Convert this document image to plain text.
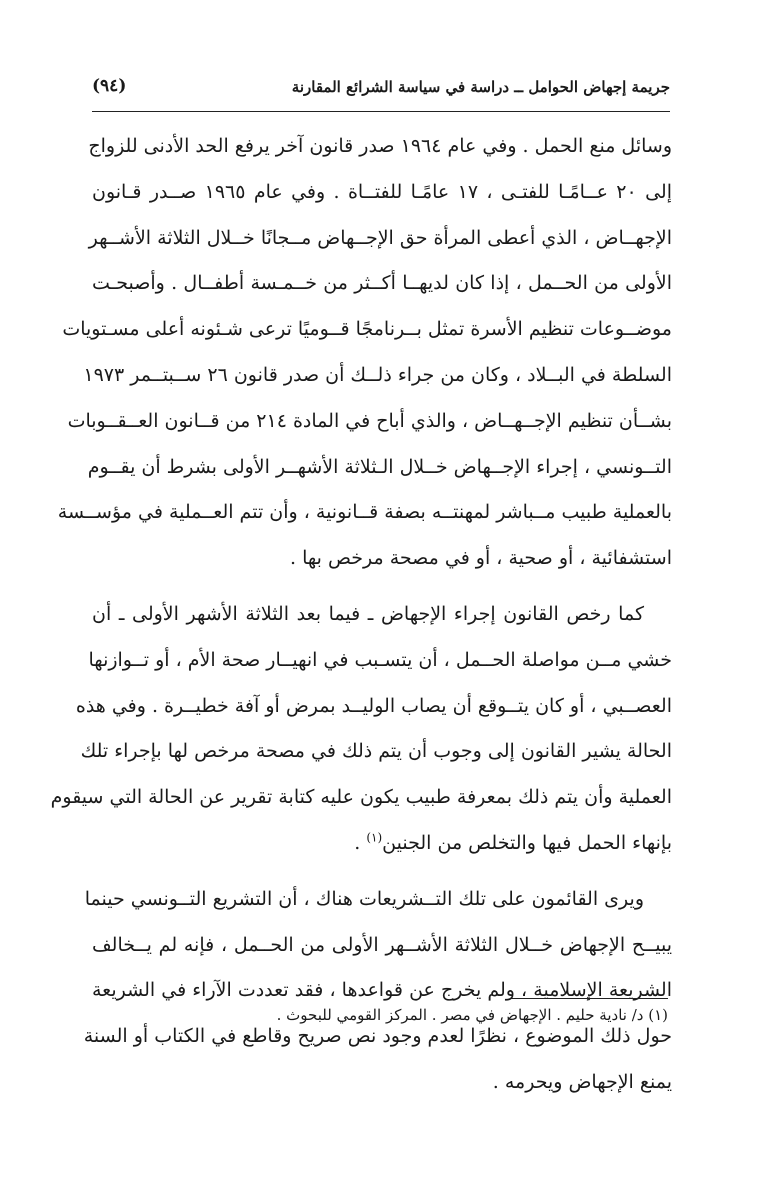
جريمة إجهاض الحوامل ــ دراسة في سياسة الشرائع المقارنة
(٩٤)
وسائل منع الحمل . وفي عام ١٩٦٤ صدر قانون آخر يرفع الحد الأدنى للزواج
إلى ٢٠ عــامًـا للفتـى ، ١٧ عامًـا للفتــاة . وفي عام ١٩٦٥ صــدر قـانون
الإجهــاض ، الذي أعطى المرأة حق الإجــهاض مــجانًا خــلال الثلاثة الأشــهر
الأولى من الحــمل ، إذا كان لديهــا أكــثر من خــمـسة أطفــال . وأصبحـت
موضــوعات تنظيم الأسرة تمثل بــرنامجًا قــوميًا ترعى شـئونه أعلى مسـتويات
السلطة في البــلاد ، وكان من جراء ذلــك أن صدر قانون ٢٦ ســبتــمر ١٩٧٣
بشــأن تنظيم الإجــهــاض ، والذي أباح في المادة ٢١٤ من قــانون العــقــوبات
التــونسي ، إجراء الإجــهاض خــلال الـثلاثة الأشهــر الأولى بشرط أن يقــوم
بالعملية طبيب مــباشر لمهنتــه بصفة قــانونية ، وأن تتم العــملية في مؤســسة
استشفائية ، أو صحية ، أو في مصحة مرخص بها .
كما رخص القانون إجراء الإجهاض ـ فيما بعد الثلاثة الأشهر الأولى ـ أن
خشي مــن مواصلة الحــمل ، أن يتسـبب في انهيــار صحة الأم ، أو تــوازنها
العصــبي ، أو كان يتــوقع أن يصاب الوليــد بمرض أو آفة خطيــرة . وفي هذه
الحالة يشير القانون إلى وجوب أن يتم ذلك في مصحة مرخص لها بإجراء تلك
العملية وأن يتم ذلك بمعرفة طبيب يكون عليه كتابة تقرير عن الحالة التي سيقوم
بإنهاء الحمل فيها والتخلص من الجنين$^{(١)}$ .
ويرى القائمون على تلك التــشريعات هناك ، أن التشريع التــونسي حينما
يبيــح الإجهاض خــلال الثلاثة الأشــهر الأولى من الحــمل ، فإنه لم يــخالف
الشريعة الإسلامية ، ولم يخرج عن قواعدها ، فقد تعددت الآراء في الشريعة
حول ذلك الموضوع ، نظرًا لعدم وجود نص صريح وقاطع في الكتاب أو السنة
يمنع الإجهاض ويحرمه .
(١) د/ نادية حليم . الإجهاض في مصر . المركز القومي للبحوث .
